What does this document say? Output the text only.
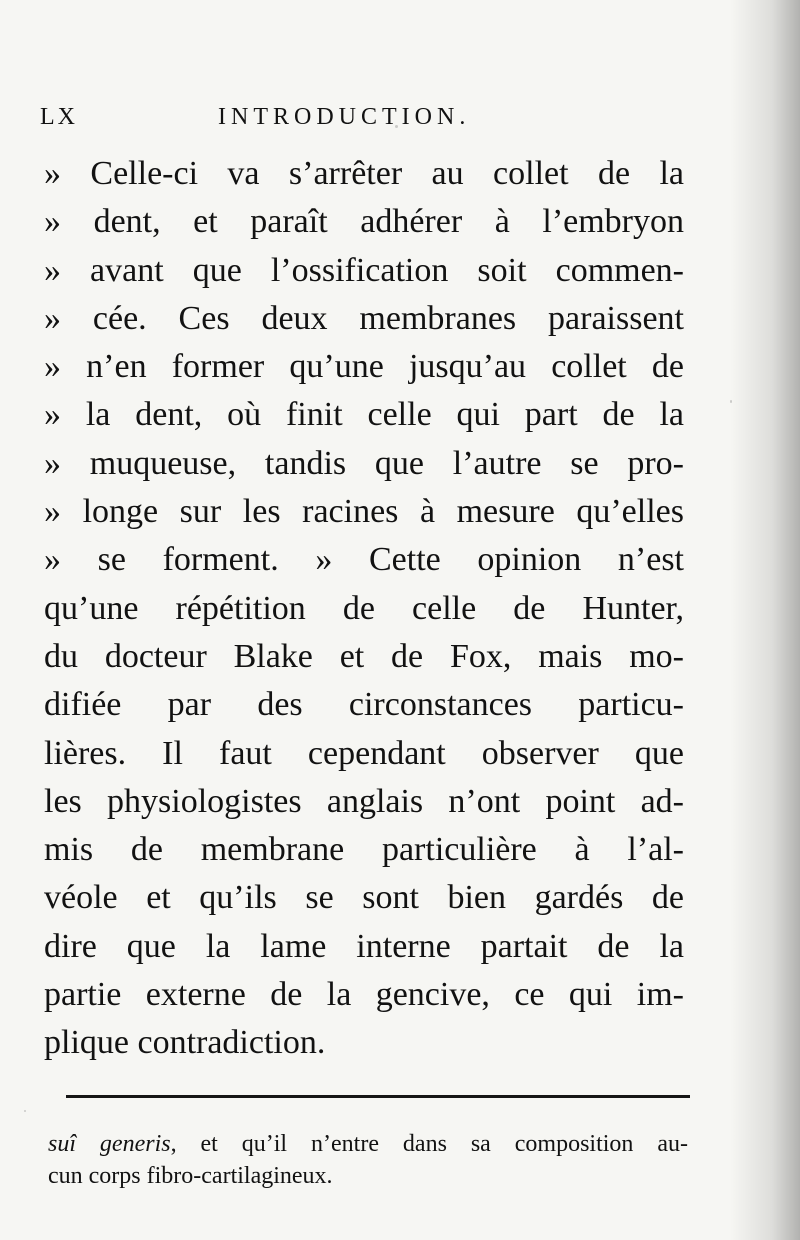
LX	INTRODUCTION.
» Celle-ci va s’arrêter au collet de la
» dent, et paraît adhérer à l’embryon
» avant que l’ossification soit commen-
» cée. Ces deux membranes paraissent
» n’en former qu’une jusqu’au collet de
» la dent, où finit celle qui part de la
» muqueuse, tandis que l’autre se pro-
» longe sur les racines à mesure qu’elles
» se forment. » Cette opinion n’est
qu’une répétition de celle de Hunter,
du docteur Blake et de Fox, mais mo-
difiée par des circonstances particu-
lières. Il faut cependant observer que
les physiologistes anglais n’ont point ad-
mis de membrane particulière à l’al-
véole et qu’ils se sont bien gardés de
dire que la lame interne partait de la
partie externe de la gencive, ce qui im-
plique contradiction.
suî generis, et qu’il n’entre dans sa composition au-
cun corps fibro-cartilagineux.
